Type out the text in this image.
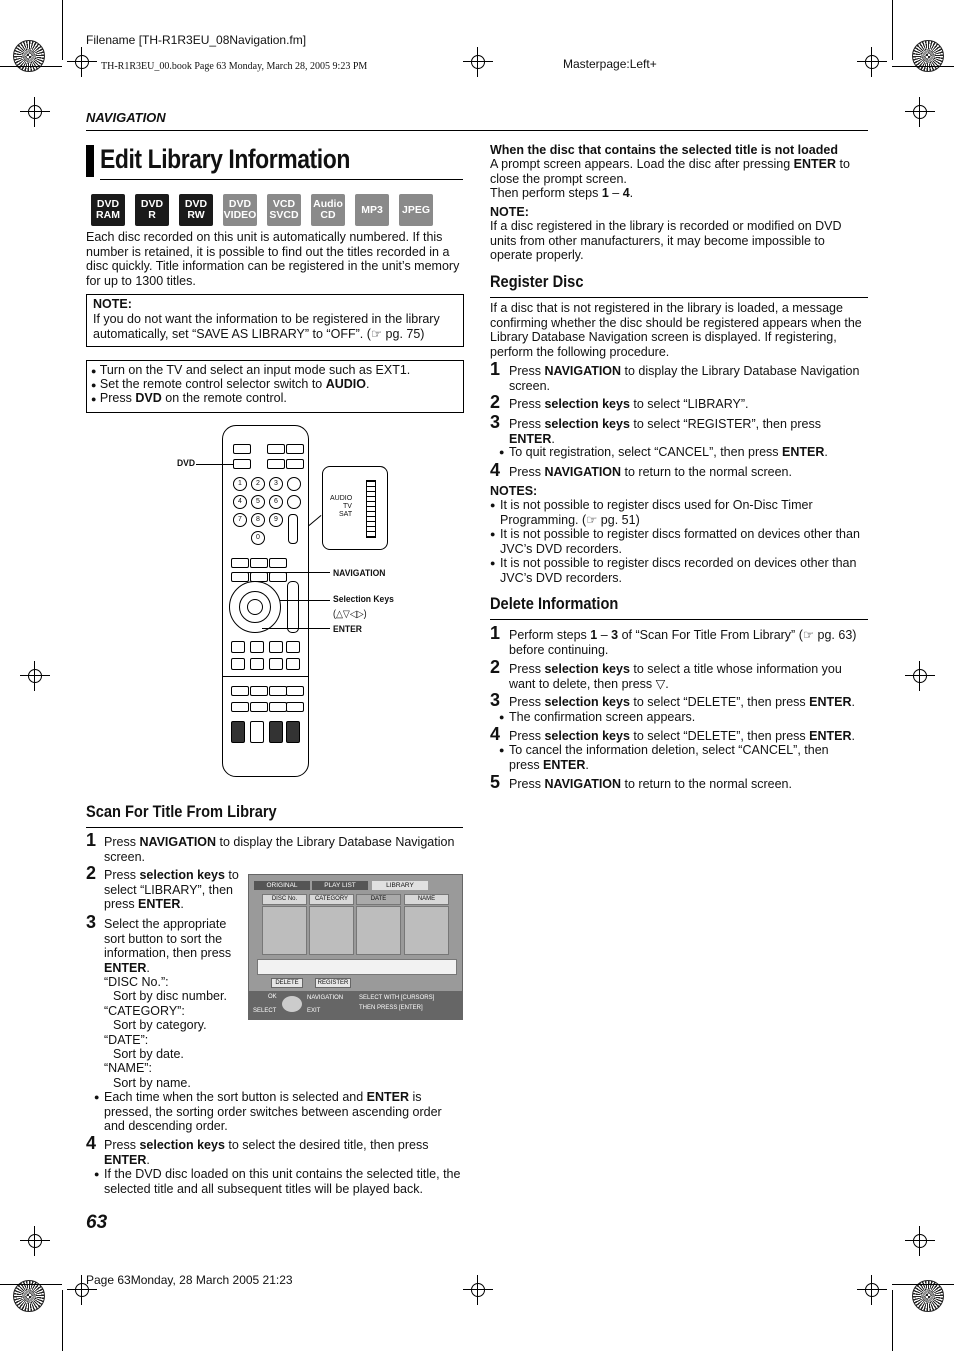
Filename [TH-R1R3EU_08Navigation.fm]
TH-R1R3EU_00.book Page 63 Monday, March 28, 2005 9:23 PM	Masterpage:Left+
NAVIGATION
Edit Library Information
DVD
RAM
DVD
R
DVD
RW
DVD
VIDEO
VCD
SVCD
Audio
CD	MP3 JPEG
Each disc recorded on this unit is automatically numbered. If this number is retained, it is possible to find out the titles recorded in a disc quickly. Title information can be registered in the unit’s memory for up to 1300 titles.
NOTE:
If you do not want the information to be registered in the library automatically, set “SAVE AS LIBRARY” to “OFF”. (☞ pg. 75)
● Turn on the TV and select an input mode such as EXT1.
● Set the remote control selector switch to AUDIO.
● Press DVD on the remote control.
1	2	3
4	5	6
7	8	9
0
AUDIO
TV
SAT
DVD
NAVIGATION
Selection Keys
(△▽◁▷)
ENTER
Scan For Title From Library
1 Press NAVIGATION to display the Library Database Navigation screen.
2 Press selection keys to select “LIBRARY”, then press ENTER.
3 Select the appropriate sort button to sort the information, then press ENTER.
“DISC No.”:
Sort by disc number.
“CATEGORY”:
Sort by category.
“DATE”:
Sort by date.
“NAME”:
Sort by name.
● Each time when the sort button is selected and ENTER is pressed, the sorting order switches between ascending order and descending order.
4 Press selection keys to select the desired title, then press ENTER.
● If the DVD disc loaded on this unit contains the selected title, the selected title and all subsequent titles will be played back.
ORIGINAL	PLAY LIST	LIBRARY
DISC No.	CATEGORY	DATE	NAME
DELETE	REGISTER
OK	NAVIGATION
SELECT	EXIT
SELECT WITH [CURSORS]
THEN PRESS [ENTER]
When the disc that contains the selected title is not loaded
A prompt screen appears. Load the disc after pressing ENTER to close the prompt screen.
Then perform steps 1 – 4.
NOTE:
If a disc registered in the library is recorded or modified on DVD units from other manufacturers, it may become impossible to operate properly.
Register Disc
If a disc that is not registered in the library is loaded, a message confirming whether the disc should be registered appears when the Library Database Navigation screen is displayed. If registering, perform the following procedure.
1 Press NAVIGATION to display the Library Database Navigation screen.
2 Press selection keys to select “LIBRARY”.
3 Press selection keys to select “REGISTER”, then press ENTER.
● To quit registration, select “CANCEL”, then press ENTER.
4 Press NAVIGATION to return to the normal screen.
NOTES:
● It is not possible to register discs used for On-Disc Timer Programming. (☞ pg. 51)
● It is not possible to register discs formatted on devices other than JVC’s DVD recorders.
● It is not possible to register discs recorded on devices other than JVC’s DVD recorders.
Delete Information
1 Perform steps 1 – 3 of “Scan For Title From Library” (☞ pg. 63) before continuing.
2 Press selection keys to select a title whose information you want to delete, then press ▽.
3 Press selection keys to select “DELETE”, then press ENTER.
● The confirmation screen appears.
4 Press selection keys to select “DELETE”, then press ENTER.
● To cancel the information deletion, select “CANCEL”, then press ENTER.
5 Press NAVIGATION to return to the normal screen.
63
Page 63Monday, 28 March 2005 21:23
